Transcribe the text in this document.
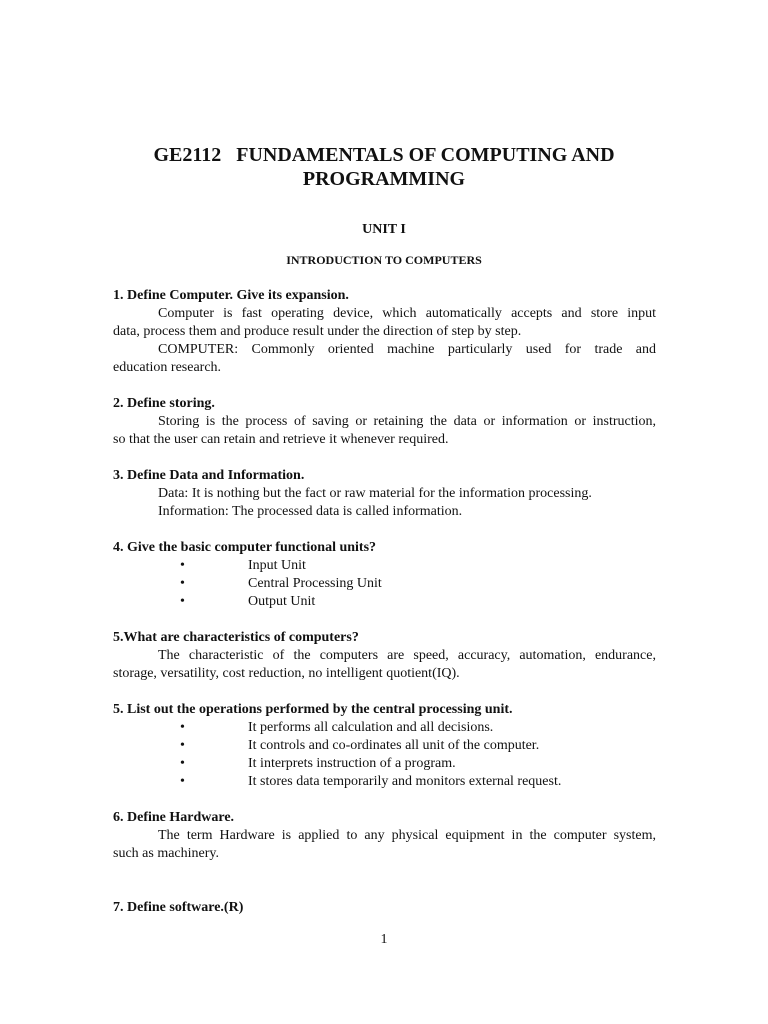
GE2112   FUNDAMENTALS OF COMPUTING AND
PROGRAMMING
UNIT I
INTRODUCTION TO COMPUTERS

1. Define Computer. Give its expansion.

Computer is fast operating device, which automatically accepts and store input
data, process them and produce result under the direction of step by step.
COMPUTER: Commonly oriented machine particularly used for trade and
education research.

2. Define storing.

Storing is the process of saving or retaining the data or information or instruction,
so that the user can retain and retrieve it whenever required.

3. Define Data and Information.

Data: It is nothing but the fact or raw material for the information processing.
Information: The processed data is called information.

4. Give the basic computer functional units?

•	Input Unit
•	Central Processing Unit
•	Output Unit

5.What are characteristics of computers?

The characteristic of the computers are speed, accuracy, automation, endurance,
storage, versatility, cost reduction, no intelligent quotient(IQ).

5. List out the operations performed by the central processing unit.

•	It performs all calculation and all decisions.
•	It controls and co-ordinates all unit of the computer.
•	It interprets instruction of a program.
•	It stores data temporarily and monitors external request.

6. Define Hardware.

The term Hardware is applied to any physical equipment in the computer system,
such as machinery.

7. Define software.(R)

1
